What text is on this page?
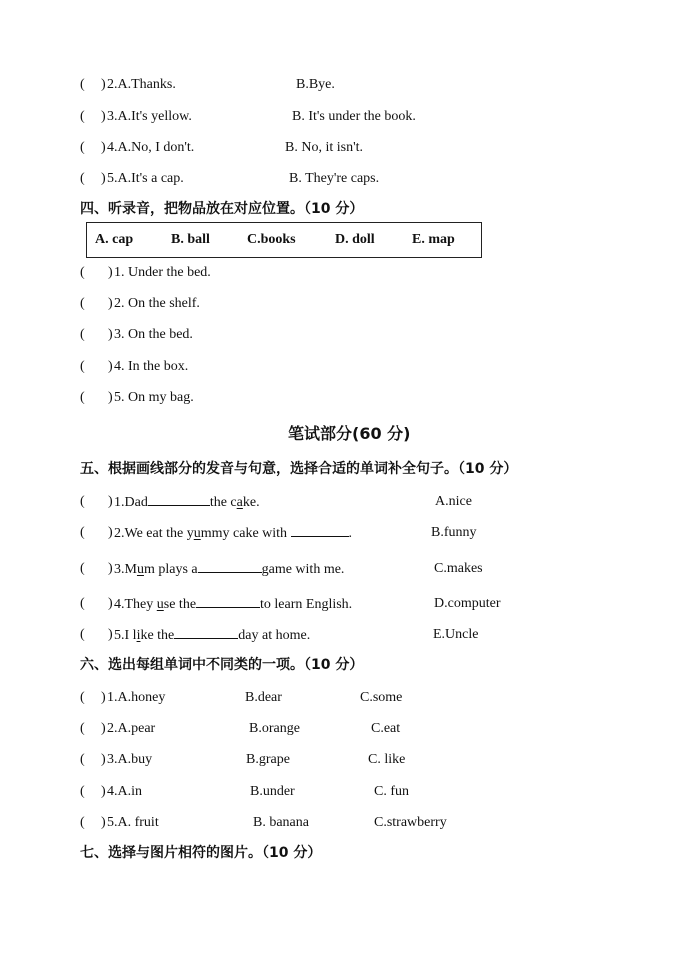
( ) 2.A.Thanks.	B.Bye.
( ) 3.A.It's yellow.	B. It's under the book.
( ) 4.A.No, I don't.	B. No, it isn't.
( ) 5.A.It's a cap.	B. They're caps.
四、听录音，把物品放在对应位置。（10 分）
A. cap	B. ball	C.books	D. doll	E. map
( ) 1. Under the bed.
( ) 2. On the shelf.
( ) 3. On the bed.
( ) 4. In the box.
( ) 5. On my bag.
笔试部分(60 分)
五、根据画线部分的发音与句意，选择合适的单词补全句子。（10 分）
( ) 1.Dad	the cake.	A.nice
( ) 2.We eat the yummy cake with	.	B.funny
( ) 3.Mum plays a	game with me.	C.makes
( ) 4.They use the	to learn English.	D.computer
( ) 5.I like the	day at home.	E.Uncle
六、选出每组单词中不同类的一项。（10 分）
( ) 1.A.honey	B.dear	C.some
( ) 2.A.pear	B.orange	C.eat
( ) 3.A.buy	B.grape	C. like
( ) 4.A.in	B.under	C. fun
( ) 5.A. fruit	B. banana	C.strawberry
七、选择与图片相符的图片。（10 分）
